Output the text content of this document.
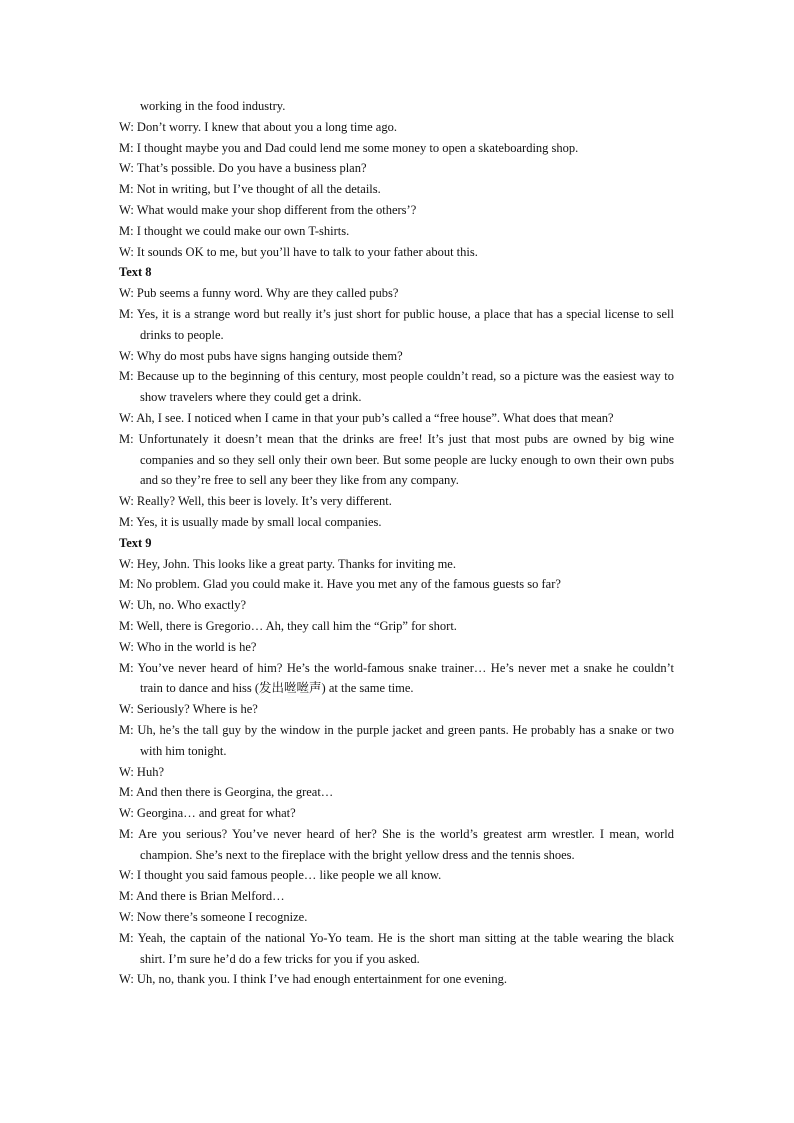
working in the food industry.
W: Don’t worry. I knew that about you a long time ago.
M: I thought maybe you and Dad could lend me some money to open a skateboarding shop.
W: That’s possible. Do you have a business plan?
M: Not in writing, but I’ve thought of all the details.
W: What would make your shop different from the others’?
M: I thought we could make our own T-shirts.
W: It sounds OK to me, but you’ll have to talk to your father about this.
Text 8
W: Pub seems a funny word. Why are they called pubs?
M: Yes, it is a strange word but really it’s just short for public house, a place that has a special license to sell drinks to people.
W: Why do most pubs have signs hanging outside them?
M: Because up to the beginning of this century, most people couldn’t read, so a picture was the easiest way to show travelers where they could get a drink.
W: Ah, I see. I noticed when I came in that your pub’s called a “free house”. What does that mean?
M: Unfortunately it doesn’t mean that the drinks are free! It’s just that most pubs are owned by big wine companies and so they sell only their own beer. But some people are lucky enough to own their own pubs and so they’re free to sell any beer they like from any company.
W: Really? Well, this beer is lovely. It’s very different.
M: Yes, it is usually made by small local companies.
Text 9
W: Hey, John. This looks like a great party. Thanks for inviting me.
M: No problem. Glad you could make it. Have you met any of the famous guests so far?
W: Uh, no. Who exactly?
M: Well, there is Gregorio… Ah, they call him the “Grip” for short.
W: Who in the world is he?
M: You’ve never heard of him? He’s the world-famous snake trainer… He’s never met a snake he couldn’t train to dance and hiss (发出咝咝声) at the same time.
W: Seriously? Where is he?
M: Uh, he’s the tall guy by the window in the purple jacket and green pants. He probably has a snake or two with him tonight.
W: Huh?
M: And then there is Georgina, the great…
W: Georgina… and great for what?
M: Are you serious? You’ve never heard of her? She is the world’s greatest arm wrestler. I mean, world champion. She’s next to the fireplace with the bright yellow dress and the tennis shoes.
W: I thought you said famous people… like people we all know.
M: And there is Brian Melford…
W: Now there’s someone I recognize.
M: Yeah, the captain of the national Yo-Yo team. He is the short man sitting at the table wearing the black shirt. I’m sure he’d do a few tricks for you if you asked.
W: Uh, no, thank you. I think I’ve had enough entertainment for one evening.
